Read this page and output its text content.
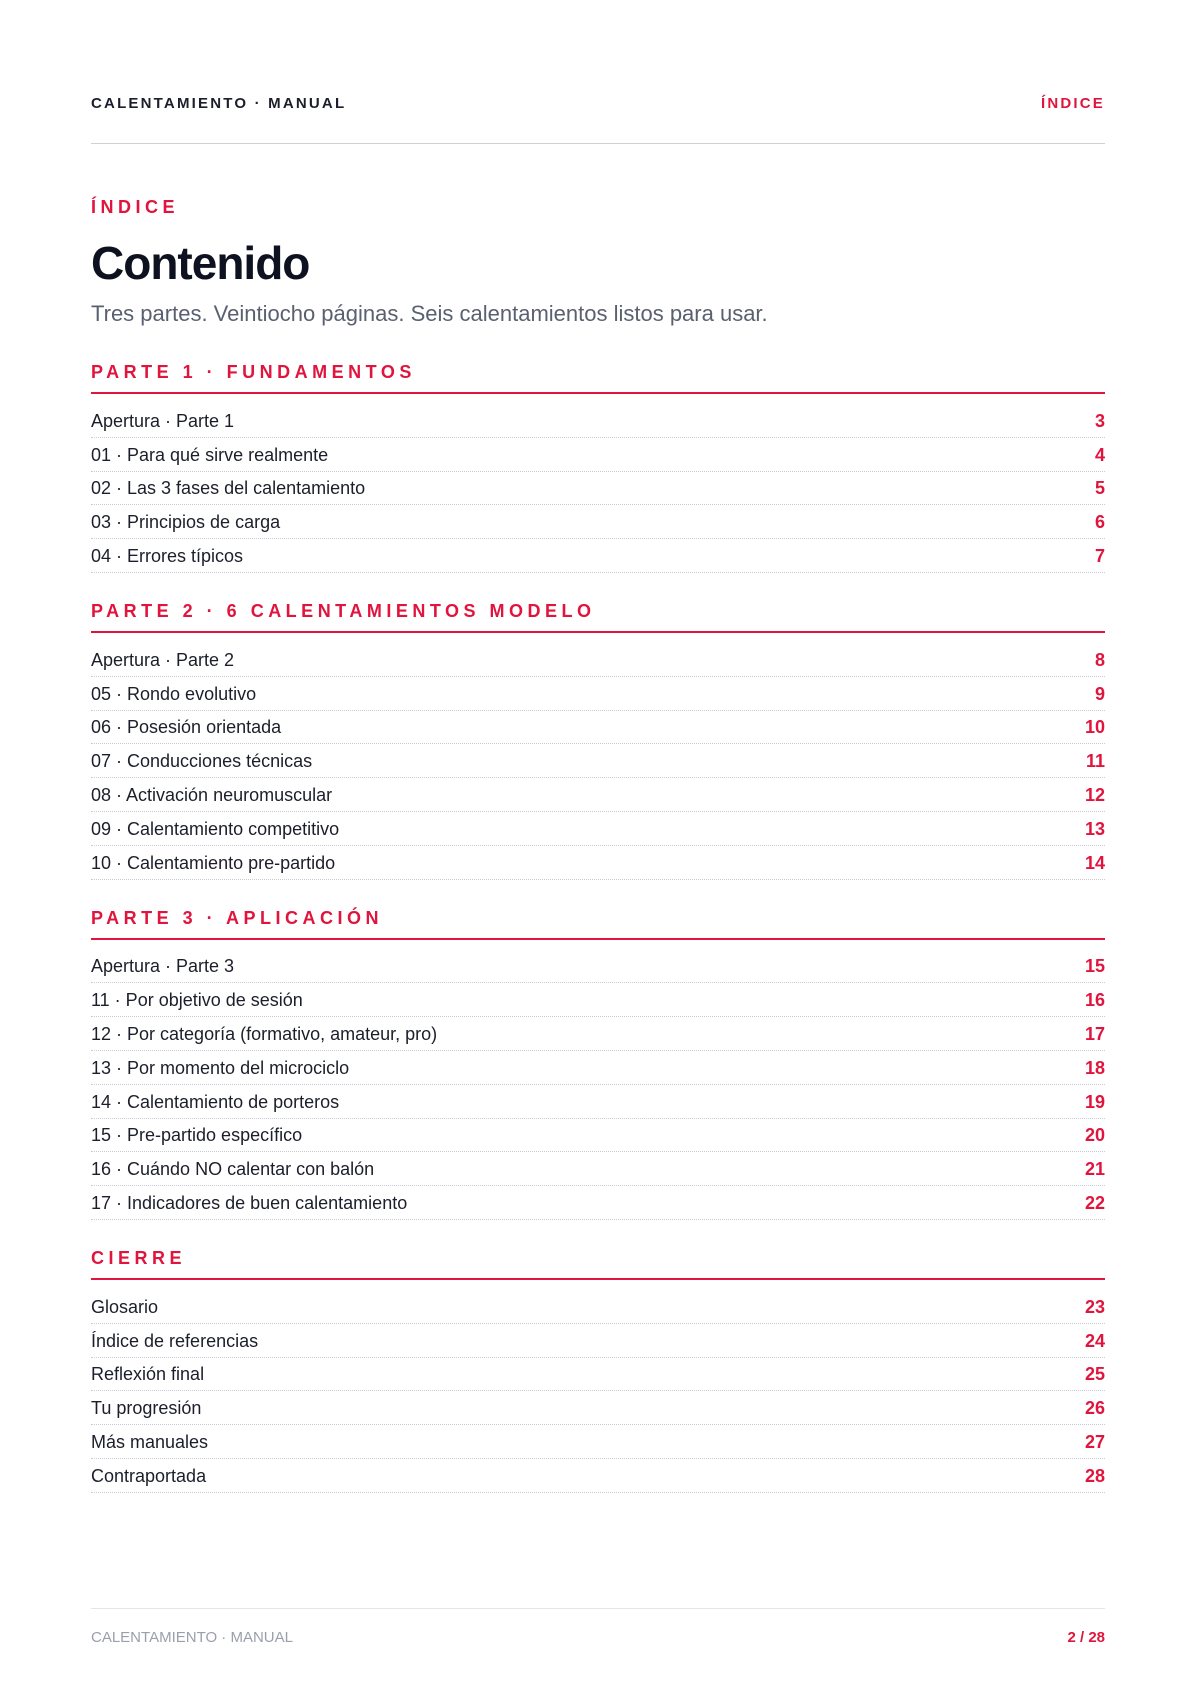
CALENTAMIENTO · MANUAL	ÍNDICE
ÍNDICE
Contenido
Tres partes. Veintiocho páginas. Seis calentamientos listos para usar.
PARTE 1 · FUNDAMENTOS
Apertura · Parte 1	3
01 · Para qué sirve realmente	4
02 · Las 3 fases del calentamiento	5
03 · Principios de carga	6
04 · Errores típicos	7
PARTE 2 · 6 CALENTAMIENTOS MODELO
Apertura · Parte 2	8
05 · Rondo evolutivo	9
06 · Posesión orientada	10
07 · Conducciones técnicas	11
08 · Activación neuromuscular	12
09 · Calentamiento competitivo	13
10 · Calentamiento pre-partido	14
PARTE 3 · APLICACIÓN
Apertura · Parte 3	15
11 · Por objetivo de sesión	16
12 · Por categoría (formativo, amateur, pro)	17
13 · Por momento del microciclo	18
14 · Calentamiento de porteros	19
15 · Pre-partido específico	20
16 · Cuándo NO calentar con balón	21
17 · Indicadores de buen calentamiento	22
CIERRE
Glosario	23
Índice de referencias	24
Reflexión final	25
Tu progresión	26
Más manuales	27
Contraportada	28
CALENTAMIENTO · MANUAL	2 / 28
